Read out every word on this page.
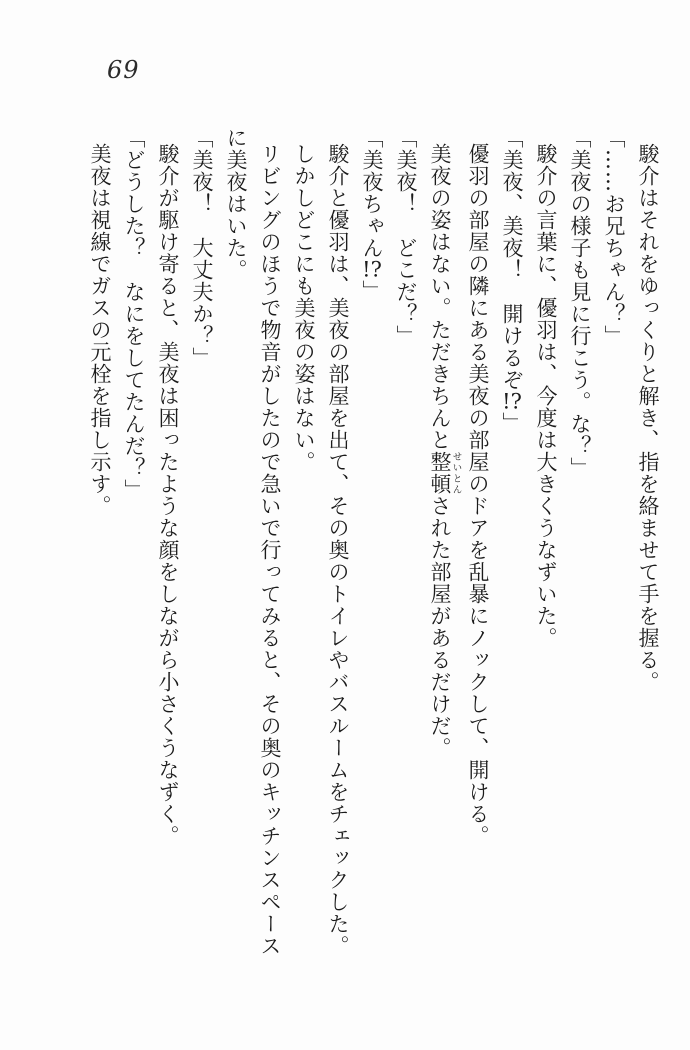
69

駿介はそれをゆっくりと解き、指を絡ませて手を握る。

「……お兄ちゃん？」

「美夜の様子も見に行こう。な？」

駿介の言葉に、優羽は、今度は大きくうなずいた。

「美夜、美夜！　開けるぞ!?」

優羽の部屋の隣にある美夜の部屋のドアを乱暴にノックして、開ける。

美夜の姿はない。ただきちんと整頓せいとんされた部屋があるだけだ。

「美夜！　どこだ？」

「美夜ちゃん!?」

駿介と優羽は、美夜の部屋を出て、その奥のトイレやバスルームをチェックした。

しかしどこにも美夜の姿はない。

リビングのほうで物音がしたので急いで行ってみると、その奥のキッチンスペースに美夜はいた。

「美夜！　大丈夫か？」

駿介が駆け寄ると、美夜は困ったような顔をしながら小さくうなずく。

「どうした？　なにをしてたんだ？」

美夜は視線でガスの元栓を指し示す。
